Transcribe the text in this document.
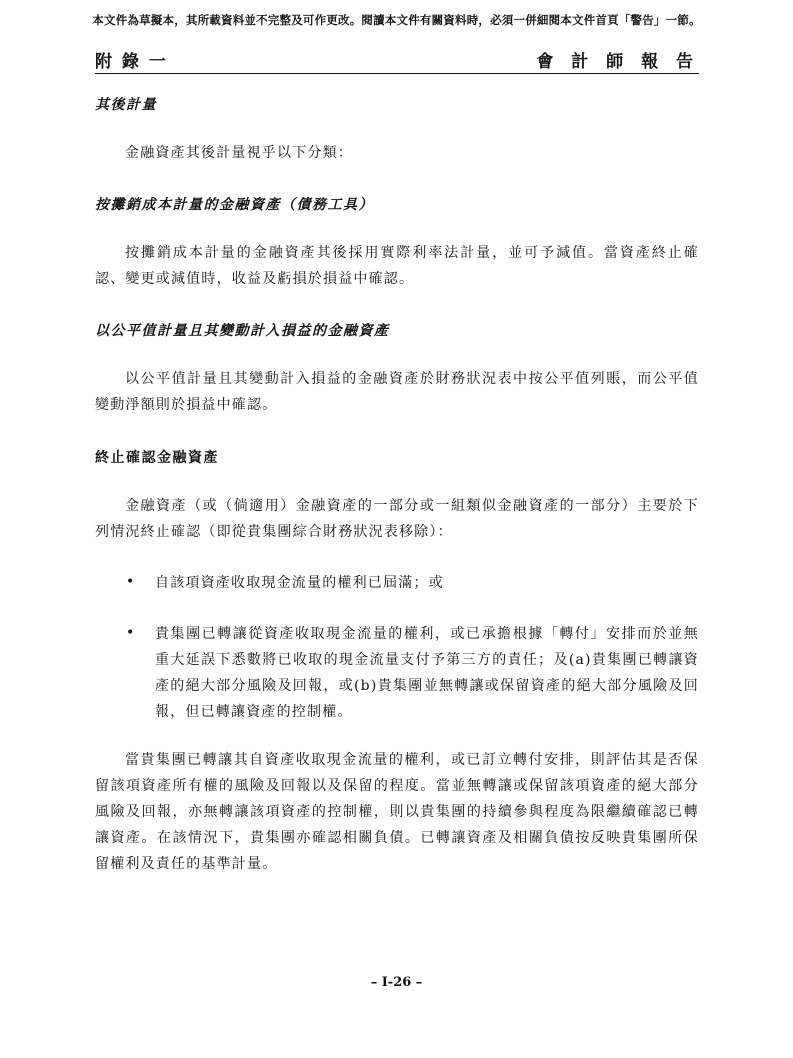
本文件為草擬本，其所載資料並不完整及可作更改。閱讀本文件有關資料時，必須一併細閱本文件首頁「警告」一節。
附 錄 一	會 計 師 報 告
其後計量

金融資產其後計量視乎以下分類：

按攤銷成本計量的金融資產（債務工具）

按攤銷成本計量的金融資產其後採用實際利率法計量，並可予減值。當資產終止確認、變更或減值時，收益及虧損於損益中確認。

以公平值計量且其變動計入損益的金融資產

以公平值計量且其變動計入損益的金融資產於財務狀況表中按公平值列賬，而公平值變動淨額則於損益中確認。

終止確認金融資產

金融資產（或（倘適用）金融資產的一部分或一組類似金融資產的一部分）主要於下列情況終止確認（即從貴集團綜合財務狀況表移除）：

• 自該項資產收取現金流量的權利已屆滿；或

• 貴集團已轉讓從資產收取現金流量的權利，或已承擔根據「轉付」安排而於並無重大延誤下悉數將已收取的現金流量支付予第三方的責任；及(a)貴集團已轉讓資產的絕大部分風險及回報，或(b)貴集團並無轉讓或保留資產的絕大部分風險及回報，但已轉讓資產的控制權。

當貴集團已轉讓其自資產收取現金流量的權利，或已訂立轉付安排，則評估其是否保留該項資產所有權的風險及回報以及保留的程度。當並無轉讓或保留該項資產的絕大部分風險及回報，亦無轉讓該項資產的控制權，則以貴集團的持續參與程度為限繼續確認已轉讓資產。在該情況下，貴集團亦確認相關負債。已轉讓資產及相關負債按反映貴集團所保留權利及責任的基準計量。

– I-26 –
